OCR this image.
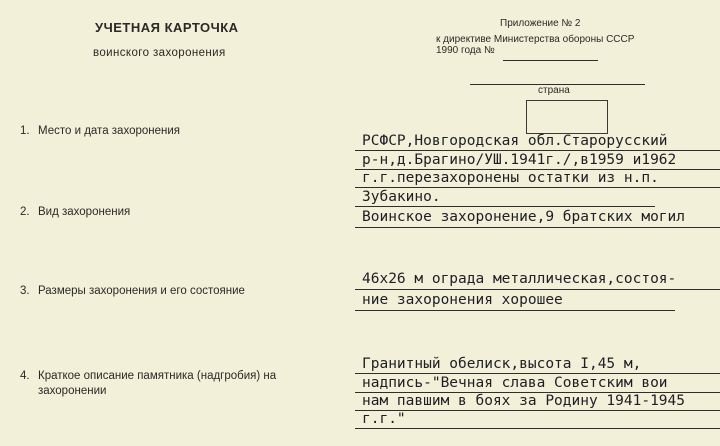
УЧЕТНАЯ КАРТОЧКА
воинского захоронения
Приложение № 2
к директиве Министерства обороны СССР
1990 года №
страна
1. Место и дата захоронения
РСФСР,Новгородская обл.Старорусский
р-н,д.Брагино/УШ.1941г./,в1959 и1962
г.г.перезахоронены остатки из н.п.
Зубакино.
2. Вид захоронения	Воинское захоронение,9 братских могил
3. Размеры захоронения и его состояние
46х26 м ограда металлическая,состоя-
ние захоронения хорошее
4. Краткое описание памятника (надгробия) на
захоронении
Гранитный обелиск,высота I,45 м,
надпись-"Вечная слава Советским вои
нам павшим в боях за Родину 1941-1945
г.г."
